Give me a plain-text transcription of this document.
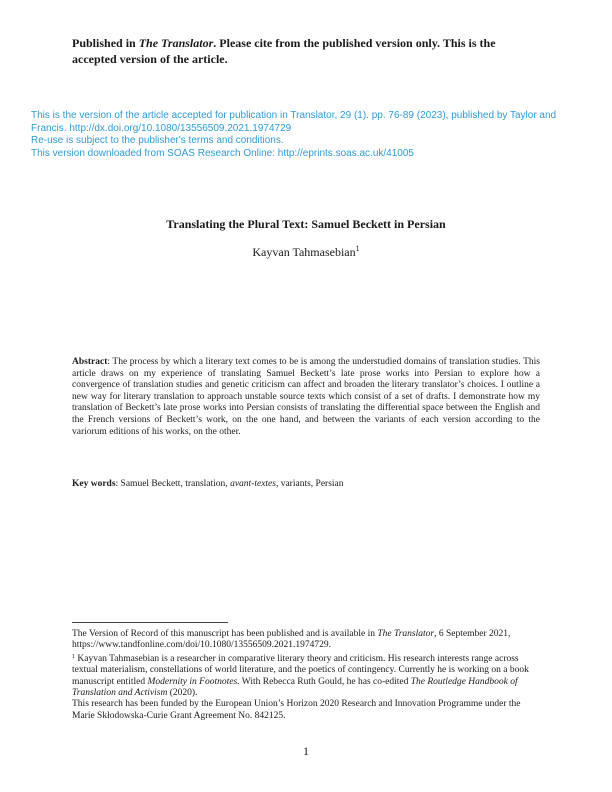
Published in The Translator. Please cite from the published version only. This is the accepted version of the article.
This is the version of the article accepted for publication in Translator, 29 (1). pp. 76-89 (2023), published by Taylor and Francis. http://dx.doi.org/10.1080/13556509.2021.1974729
Re-use is subject to the publisher's terms and conditions.
This version downloaded from SOAS Research Online: http://eprints.soas.ac.uk/41005
Translating the Plural Text: Samuel Beckett in Persian
Kayvan Tahmasebian$^1$
Abstract: The process by which a literary text comes to be is among the understudied domains of translation studies. This article draws on my experience of translating Samuel Beckett’s late prose works into Persian to explore how a convergence of translation studies and genetic criticism can affect and broaden the literary translator’s choices. I outline a new way for literary translation to approach unstable source texts which consist of a set of drafts. I demonstrate how my translation of Beckett’s late prose works into Persian consists of translating the differential space between the English and the French versions of Beckett’s work, on the one hand, and between the variants of each version according to the variorum editions of his works, on the other.
Key words: Samuel Beckett, translation, avant-textes, variants, Persian

The Version of Record of this manuscript has been published and is available in The Translator, 6 September 2021, https://www.tandfonline.com/doi/10.1080/13556509.2021.1974729.

$^1$ Kayvan Tahmasebian is a researcher in comparative literary theory and criticism. His research interests range across textual materialism, constellations of world literature, and the poetics of contingency. Currently he is working on a book manuscript entitled Modernity in Footnotes. With Rebecca Ruth Gould, he has co-edited The Routledge Handbook of Translation and Activism (2020).

This research has been funded by the European Union’s Horizon 2020 Research and Innovation Programme under the Marie Skłodowska-Curie Grant Agreement No. 842125.

1
